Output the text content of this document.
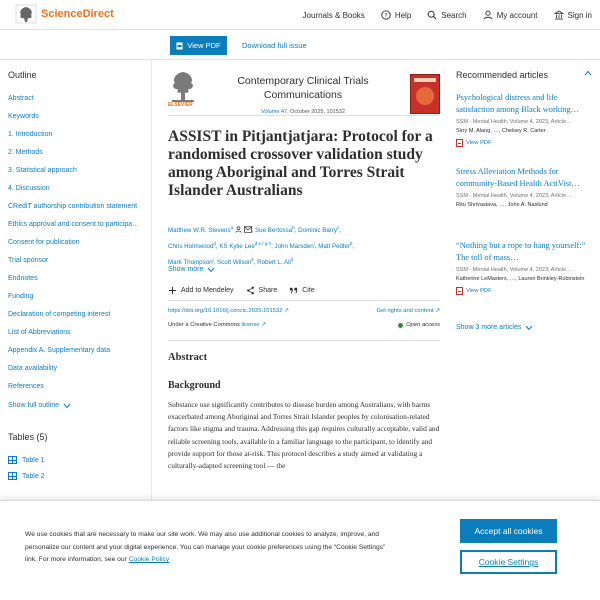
ScienceDirect	Journals & Books	? Help	Search	My account	Sign in
View PDF	Download full issue
Outline
Abstract
Keywords
1. Introduction
2. Methods
3. Statistical approach
4. Discussion
CRediT authorship contribution statement
Ethics approval and consent to participa…
Consent for publication
Trial sponsor
Endnotes
Funding
Declaration of competing interest
List of Abbreviations
Appendix A. Supplementary data
Data availability
References
Show full outline
Tables (5)
Table 1
Table 2
ELSEVIER
Contemporary Clinical Trials Communications
Volume 47, October 2025, 101532
ASSIST in Pitjantjatjara: Protocol for a randomised crossover validation study among Aboriginal and Torres Strait Islander Australians
Matthew W.R. Stevens$^a$	, Sue Bertossa$^b$, Dominic Barry$^c$,
Chris Holmwood$^d$, KS Kylie Lee$^{d e f g h}$, John Marsden$^i$, Matt Pedler$^b$,
Mark Thompson$^j$, Scott Wilson$^k$, Robert L. Ali$^d$
Show more
Add to Mendeley	Share	Cite
https://doi.org/10.1016/j.conctc.2025.101532 ↗	Get rights and content ↗
Under a Creative Commons license ↗	Open access
Abstract
Background

Substance use significantly contributes to disease burden among Australians, with harms exacerbated among Aboriginal and Torres Strait Islander peoples by colonisation-related factors like stigma and trauma. Addressing this gap requires culturally acceptable, valid and reliable screening tools, available in a familiar language to the participant, to identify and provide support for those at-risk. This protocol describes a study aimed at validating a culturally-adapted screening tool — the

Recommended articles
Psychological distress and life satisfaction among Black working…
SSM - Mental Health, Volume 4, 2023, Article…
Sirry M. Alang, …, Chelsey R. Carter
View PDF
Stress Alleviation Methods for community-Based Health ActiVist…
SSM - Mental Health, Volume 4, 2023, Article…
Ritu Shrivastava, …, John A. Naslund
“Nothing but a rope to hang yourself:” The toll of mass…
SSM - Mental Health, Volume 4, 2023, Article…
Katherine LeMasters, …, Lauren Brinkley-Rubinstein
View PDF
Show 3 more articles

We use cookies that are necessary to make our site work. We may also use additional cookies to analyze, improve, and personalize our content and your digital experience. You can manage your cookie preferences using the “Cookie Settings” link. For more information, see our Cookie Policy

Accept all cookies
Cookie Settings
